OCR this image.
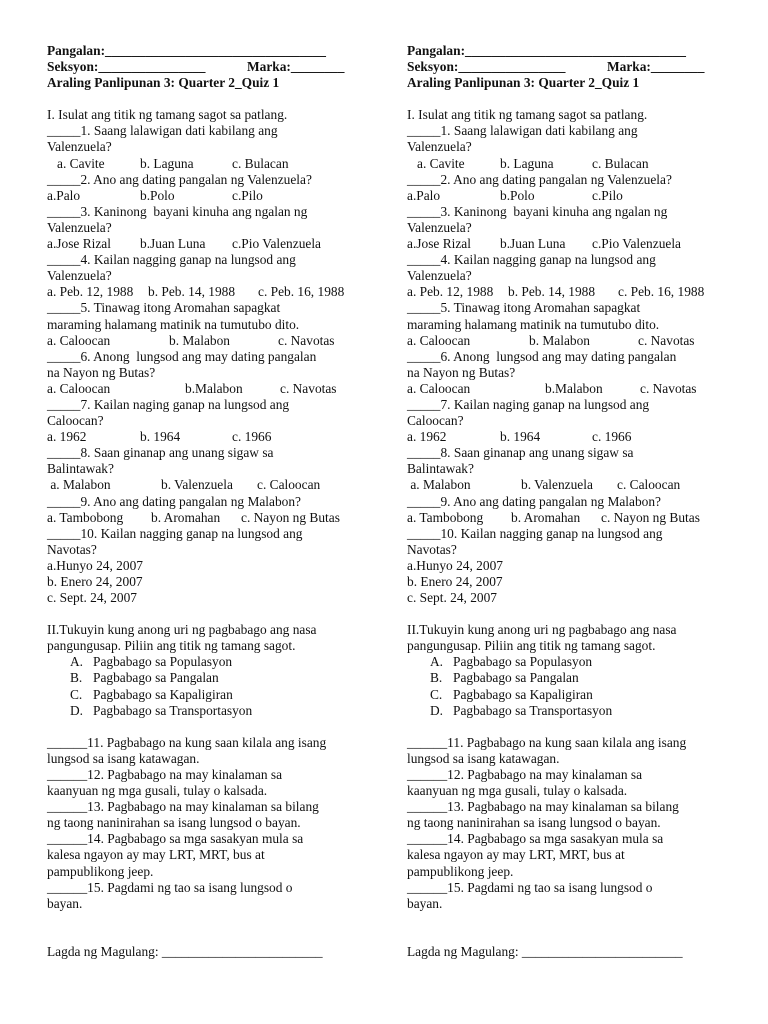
Pangalan:_________________________________
Seksyon:________________	Marka:________
Araling Panlipunan 3: Quarter 2_Quiz 1
I. Isulat ang titik ng tamang sagot sa patlang.
_____1. Saang lalawigan dati kabilang ang
Valenzuela?
a. Cavite	b. Laguna	c. Bulacan
_____2. Ano ang dating pangalan ng Valenzuela?
a.Palo	b.Polo	c.Pilo
_____3. Kaninong  bayani kinuha ang ngalan ng
Valenzuela?
a.Jose Rizal	b.Juan Luna	c.Pio Valenzuela
_____4. Kailan nagging ganap na lungsod ang
Valenzuela?
a. Peb. 12, 1988	b. Peb. 14, 1988	c. Peb. 16, 1988
_____5. Tinawag itong Aromahan sapagkat
maraming halamang matinik na tumutubo dito.
a. Caloocan	b. Malabon	c. Navotas
_____6. Anong  lungsod ang may dating pangalan
na Nayon ng Butas?
a. Caloocan	b.Malabon	c. Navotas
_____7. Kailan naging ganap na lungsod ang
Caloocan?
a. 1962	b. 1964	c. 1966
_____8. Saan ginanap ang unang sigaw sa
Balintawak?
a. Malabon	b. Valenzuela	c. Caloocan
_____9. Ano ang dating pangalan ng Malabon?
a. Tambobong	b. Aromahan	c. Nayon ng Butas
_____10. Kailan nagging ganap na lungsod ang
Navotas?
a.Hunyo 24, 2007
b. Enero 24, 2007
c. Sept. 24, 2007
II.Tukuyin kung anong uri ng pagbabago ang nasa
pangungusap. Piliin ang titik ng tamang sagot.
A. Pagbabago sa Populasyon
B. Pagbabago sa Pangalan
C. Pagbabago sa Kapaligiran
D. Pagbabago sa Transportasyon
______11. Pagbabago na kung saan kilala ang isang
lungsod sa isang katawagan.
______12. Pagbabago na may kinalaman sa
kaanyuan ng mga gusali, tulay o kalsada.
______13. Pagbabago na may kinalaman sa bilang
ng taong naninirahan sa isang lungsod o bayan.
______14. Pagbabago sa mga sasakyan mula sa
kalesa ngayon ay may LRT, MRT, bus at
pampublikong jeep.
______15. Pagdami ng tao sa isang lungsod o
bayan.
Lagda ng Magulang: ________________________
Pangalan:_________________________________
Seksyon:________________	Marka:________
Araling Panlipunan 3: Quarter 2_Quiz 1
I. Isulat ang titik ng tamang sagot sa patlang.
_____1. Saang lalawigan dati kabilang ang
Valenzuela?
a. Cavite	b. Laguna	c. Bulacan
_____2. Ano ang dating pangalan ng Valenzuela?
a.Palo	b.Polo	c.Pilo
_____3. Kaninong  bayani kinuha ang ngalan ng
Valenzuela?
a.Jose Rizal	b.Juan Luna	c.Pio Valenzuela
_____4. Kailan nagging ganap na lungsod ang
Valenzuela?
a. Peb. 12, 1988	b. Peb. 14, 1988	c. Peb. 16, 1988
_____5. Tinawag itong Aromahan sapagkat
maraming halamang matinik na tumutubo dito.
a. Caloocan	b. Malabon	c. Navotas
_____6. Anong  lungsod ang may dating pangalan
na Nayon ng Butas?
a. Caloocan	b.Malabon	c. Navotas
_____7. Kailan naging ganap na lungsod ang
Caloocan?
a. 1962	b. 1964	c. 1966
_____8. Saan ginanap ang unang sigaw sa
Balintawak?
a. Malabon	b. Valenzuela	c. Caloocan
_____9. Ano ang dating pangalan ng Malabon?
a. Tambobong	b. Aromahan	c. Nayon ng Butas
_____10. Kailan nagging ganap na lungsod ang
Navotas?
a.Hunyo 24, 2007
b. Enero 24, 2007
c. Sept. 24, 2007
II.Tukuyin kung anong uri ng pagbabago ang nasa
pangungusap. Piliin ang titik ng tamang sagot.
A. Pagbabago sa Populasyon
B. Pagbabago sa Pangalan
C. Pagbabago sa Kapaligiran
D. Pagbabago sa Transportasyon
______11. Pagbabago na kung saan kilala ang isang
lungsod sa isang katawagan.
______12. Pagbabago na may kinalaman sa
kaanyuan ng mga gusali, tulay o kalsada.
______13. Pagbabago na may kinalaman sa bilang
ng taong naninirahan sa isang lungsod o bayan.
______14. Pagbabago sa mga sasakyan mula sa
kalesa ngayon ay may LRT, MRT, bus at
pampublikong jeep.
______15. Pagdami ng tao sa isang lungsod o
bayan.
Lagda ng Magulang: ________________________
